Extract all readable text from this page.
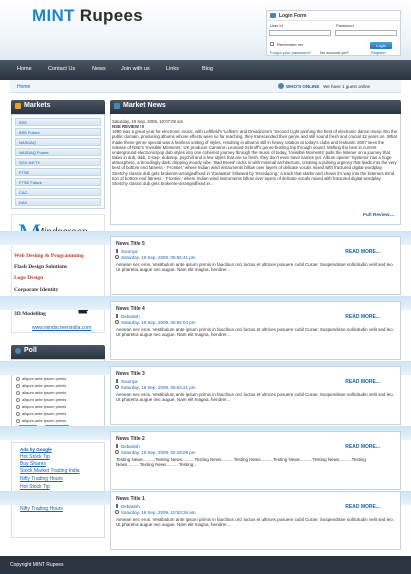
MINT Rupees	Login Form
User id	Password
Remember me	Login
Forgot your password? No account yet?	Register
Home	Contact Us	News	Join with us	Links	Blog
Home	WHO'S ONLINE We have 1 guest online
Markets
BSE
BSE Future
NASDAQ
NASDAQ Future
SGX NIFTY
FTSE
FTSE Future
CAC
DAX
Web Desiing & Programming
Flash Design Solutions
Logo Design
Corporate Identity
3D Modelling
www.mindscreenindia.com
Poll
aliqum ante ipsum primis
aliqum ante ipsum primis
aliqum ante ipsum primis
aliqum ante ipsum primis
aliqum ante ipsum primis
aliqum ante ipsum primis
aliqum ante ipsum primis
Ads by Google
Hot Stock Tip
Buy Shares
Stock Market Trading India
Nifty Trading Hours
Hot Stock Tip
Nifty Trading Hours
Market News
Saturday, 19 Sep, 2009, 10:07:08 am
NSE REVIEW !!!
1990 was a great year for electronic music, with Leftfield's 'Leftism' and Dreadzone's 'Second Light pushing the best of electronic dance music into the public domain, producing albums whose effects were so far reaching, they transcended their genre and still sound fresh and crucial 12 years on. What made these genre special was a fearless uniting of styles, resulting in albums still in heavy rotation at today's clubs and festivals. 2007 sees the release of NSE's 'Invisible Moments,' UK producer Cameron Leonard-Schroff's genre-busting trip through sound. Melting the best in current underground electronic/pop dub styles into one coherent journey through the music of today, 'Invisible Moments' pulls the listener on a journey that takes in dub, d&b, 2-step, dubstep, psychill and a few styles that are so fresh, they don't even have names yet. Album opener 'Systems' has a huge atmosphere, a broodingly dark, dripping moody vibe. 'Bad Breed' rocks in with minimal architecture, creating a pulsing urgency that leads into the very best of bottom end fatness - 'Frontier,' where Indian wind instruments billow over layers of delicate vocals mixed with fractured digital wordplay. Stretchy classic dub gets brokenre-arrangedfixed in 'Zoraastar' followed by 'Introducing,' a track that starks and chews it's way into the listeners mind tion of bottom end fatness - 'Frontier,' where Indian wind instruments billow over layers of delicate vocals mixed with fractured digital wordplay. Stretchy classic dub gets brokenre-arrangedfixed in...
Full Review....
News Title 5
READ MORE...
Soumya
Saturday, 19 Sep, 2009, 05:55:41 pm
Aenean nec eros. Vestibulum ante ipsum primis in faucibus orci luctus et ultrices posuere cubil Curae; Suspendisse sollicitudin velit sed leo. Ut pharetra augue nec augue. Nam elit magna, hendrer...
News Title 4
READ MORE...
Debasish
Saturday, 19 Sep, 2009, 05:55:04 pm
Aenean nec eros. Vestibulum ante ipsum primis in faucibus orci luctus et ultrices posuere cubil Curae; Suspendisse sollicitudin velit sed leo. Ut pharetra augue nec augue. Nam elit magna, hendrer...
News Title 3
READ MORE...
Soumya
Saturday, 19 Sep, 2009, 05:54:21 pm
Aenean nec eros. Vestibulum ante ipsum primis in faucibus orci luctus et ultrices posuere cubil Curae; Suspendisse sollicitudin velit sed leo. Ut pharetra augue nec augue. Nam elit magna, hendrer...
News Title 2
READ MORE...
Debasish
Saturday, 19 Sep, 2009, 02:28:09 pm
Testing News..........Testing News..........Testing News..........Testing News..........Testing News..........Testing News..........Testing News..........Testing News..........Testing...
News Title 1
READ MORE...
Debasish
Saturday, 19 Sep, 2009, 10:53:26 am
Aenean nec eros. Vestibulum ante ipsum primis in faucibus orci luctus et ultrices posuere cubil Curae; Suspendisse sollicitudin velit sed leo. Ut pharetra augue nec augue. Nam elit magna, hendrer...
Copyright MINT Rupees
